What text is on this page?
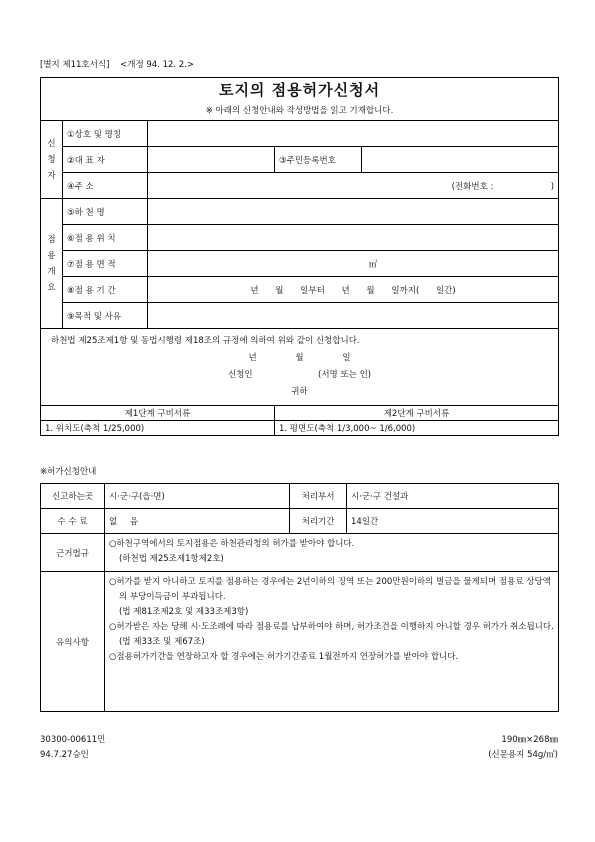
[별지 제11호서식] <개정 94. 12. 2.>
토지의 점용허가신청서				
※ 아래의 신청안내와 작성방법을 읽고 기재합니다.				
신
청
자	①상호 및 명칭			
	②대 표 자		③주민등록번호	
	④주 소	(전화번호 : )		
점
용
개
요	⑤하 천 명			
	⑥점 용 위 치			
	⑦점 용 면 적	㎡		
	⑧점 용 기 간	년 월 일부터 년 월 일까지( 일간)		
	⑨목적 및 사유			

하천법 제25조제1항 및 동법시행령 제18조의 규정에 의하여 위와 같이 신청합니다.
년 월 일
신청인 (서명 또는 인)
귀하				

제1단계 구비서류			제2단계 구비서류	
1. 위치도(축척 1/25,000)			1. 평면도(축척 1/3,000~ 1/6,000)	
※허가신청안내
신고하는곳	시·군·구(읍·면)	처리부서	시·군·구 건설과
수 수 료	없 음	처리기간	14일간
근거법규	○하천구역에서의 토지점용은 하천관리청의 허가를 받아야 합니다.
(하천법 제25조제1항제2호)		

유의사항	○허가를 받지 아니하고 토지를 점용하는 경우에는 2년이하의 징역 또는 200만원이하의 벌금을 물게되며 점용료 상당액의 부당이득금이 부과됩니다.
(법 제81조제2호 및 제33조제3항)
○허가받은 자는 당해 시·도조례에 따라 점용료를 납부하여야 하며, 허가조건을 이행하지 아니할 경우 허가가 취소됩니다.
(법 제33조 및 제67조)
○점용허가기간을 연장하고자 할 경우에는 허가기간종료 1월전까지 연장허가를 받아야 합니다.		
30300-00611민
94.7.27승인
190㎜×268㎜
(신문용지 54g/㎡)
